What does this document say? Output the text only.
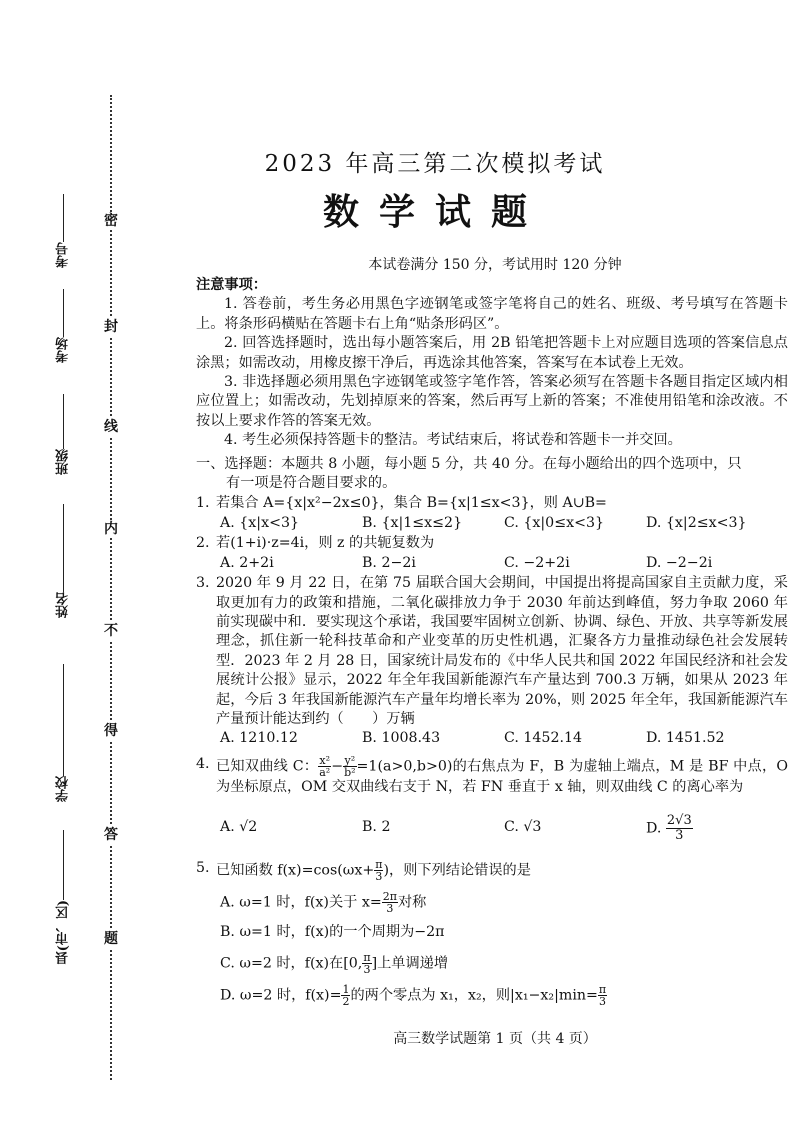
密
封
线
内
不
得
答
题
考号
考场
班级
姓名
学校
县(市、区)
2023 年高三第二次模拟考试
数学试题
本试卷满分 150 分，考试用时 120 分钟
注意事项：
1. 答卷前，考生务必用黑色字迹钢笔或签字笔将自己的姓名、班级、考号填写在答题卡上。将条形码横贴在答题卡右上角“贴条形码区”。
2. 回答选择题时，选出每小题答案后，用 2B 铅笔把答题卡上对应题目选项的答案信息点涂黑；如需改动，用橡皮擦干净后，再选涂其他答案，答案写在本试卷上无效。
3. 非选择题必须用黑色字迹钢笔或签字笔作答，答案必须写在答题卡各题目指定区域内相应位置上；如需改动，先划掉原来的答案，然后再写上新的答案；不准使用铅笔和涂改液。不按以上要求作答的答案无效。
4. 考生必须保持答题卡的整洁。考试结束后，将试卷和答题卡一并交回。
一、选择题：本题共 8 小题，每小题 5 分，共 40 分。在每小题给出的四个选项中，只
有一项是符合题目要求的。
1. 若集合 A={x|x²−2x≤0}，集合 B={x|1≤x<3}，则 A∪B=
A. {x|x<3}	B. {x|1≤x≤2}	C. {x|0≤x<3}	D. {x|2≤x<3}
2. 若(1+i)·z=4i，则 z 的共轭复数为
A. 2+2i	B. 2−2i	C. −2+2i	D. −2−2i
3. 2020 年 9 月 22 日，在第 75 届联合国大会期间，中国提出将提高国家自主贡献力度，采取更加有力的政策和措施，二氧化碳排放力争于 2030 年前达到峰值，努力争取 2060 年前实现碳中和．要实现这个承诺，我国要牢固树立创新、协调、绿色、开放、共享等新发展理念，抓住新一轮科技革命和产业变革的历史性机遇，汇聚各方力量推动绿色社会发展转型．2023 年 2 月 28 日，国家统计局发布的《中华人民共和国 2022 年国民经济和社会发展统计公报》显示，2022 年全年我国新能源汽车产量达到 700.3 万辆，如果从 2023 年起，今后 3 年我国新能源汽车产量年均增长率为 20%，则 2025 年全年，我国新能源汽车产量预计能达到约（　　）万辆
A. 1210.12	B. 1008.43	C. 1452.14	D. 1451.52
4. 已知双曲线 C： $\frac{\text{x²}}{\text{a²}} - \frac{\text{y²}}{\text{b²}} =1(a>0,b>0)$的右焦点为 F，B 为虚轴上端点，M 是 BF 中点，O 为坐标原点，OM 交双曲线右支于 N，若 FN 垂直于 x 轴，则双曲线 C 的离心率为
A. √2	B. 2	C. √3	D. $\frac{2√3}{3}$
5. 已知函数 $f(x)=\cos(\omega x+ \frac{\pi}{3}$ )，则下列结论错误的是
A. ω=1 时，f(x)关于 $x= \frac{2\pi}{3}$ 对称
B. ω=1 时，f(x)的一个周期为−2π
C. ω=2 时，f(x)在[0, $\frac{\pi}{3}$ ]上单调递增
D. ω=2 时，$f(x)= \frac{1}{2}$ 的两个零点为 x₁，x₂，则$|x_1-x_2|\min= \frac{\pi}{3}$
高三数学试题第 1 页（共 4 页）
